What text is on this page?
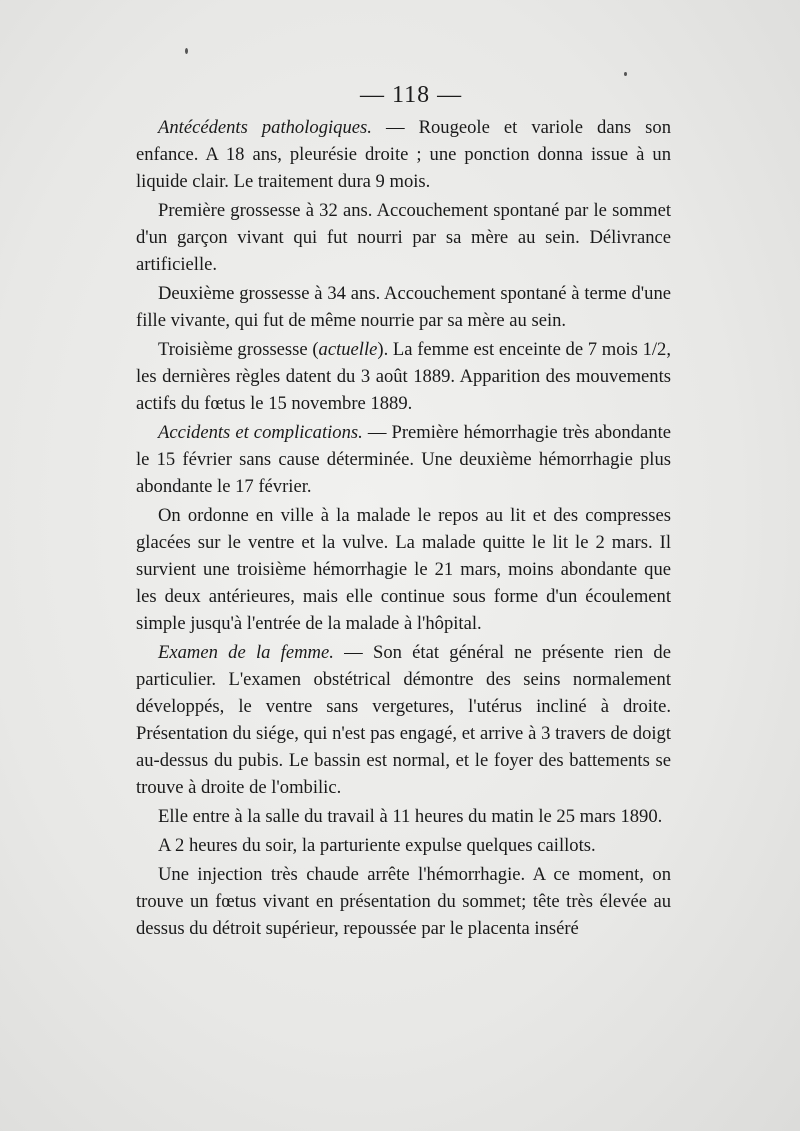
— 118 —

Antécédents pathologiques. — Rougeole et variole dans son enfance. A 18 ans, pleurésie droite ; une ponction donna issue à un liquide clair. Le traitement dura 9 mois.

Première grossesse à 32 ans. Accouchement spontané par le sommet d'un garçon vivant qui fut nourri par sa mère au sein. Délivrance artificielle.

Deuxième grossesse à 34 ans. Accouchement spontané à terme d'une fille vivante, qui fut de même nourrie par sa mère au sein.

Troisième grossesse (actuelle). La femme est enceinte de 7 mois 1/2, les dernières règles datent du 3 août 1889. Apparition des mouvements actifs du fœtus le 15 novembre 1889.

Accidents et complications. — Première hémorrhagie très abondante le 15 février sans cause déterminée. Une deuxième hémorrhagie plus abondante le 17 février.

On ordonne en ville à la malade le repos au lit et des compresses glacées sur le ventre et la vulve. La malade quitte le lit le 2 mars. Il survient une troisième hémorrhagie le 21 mars, moins abondante que les deux antérieures, mais elle continue sous forme d'un écoulement simple jusqu'à l'entrée de la malade à l'hôpital.

Examen de la femme. — Son état général ne présente rien de particulier. L'examen obstétrical démontre des seins normalement développés, le ventre sans vergetures, l'utérus incliné à droite. Présentation du siége, qui n'est pas engagé, et arrive à 3 travers de doigt au-dessus du pubis. Le bassin est normal, et le foyer des battements se trouve à droite de l'ombilic.

Elle entre à la salle du travail à 11 heures du matin le 25 mars 1890.

A 2 heures du soir, la parturiente expulse quelques caillots.

Une injection très chaude arrête l'hémorrhagie. A ce moment, on trouve un fœtus vivant en présentation du sommet; tête très élevée au dessus du détroit supérieur, repoussée par le placenta inséré
